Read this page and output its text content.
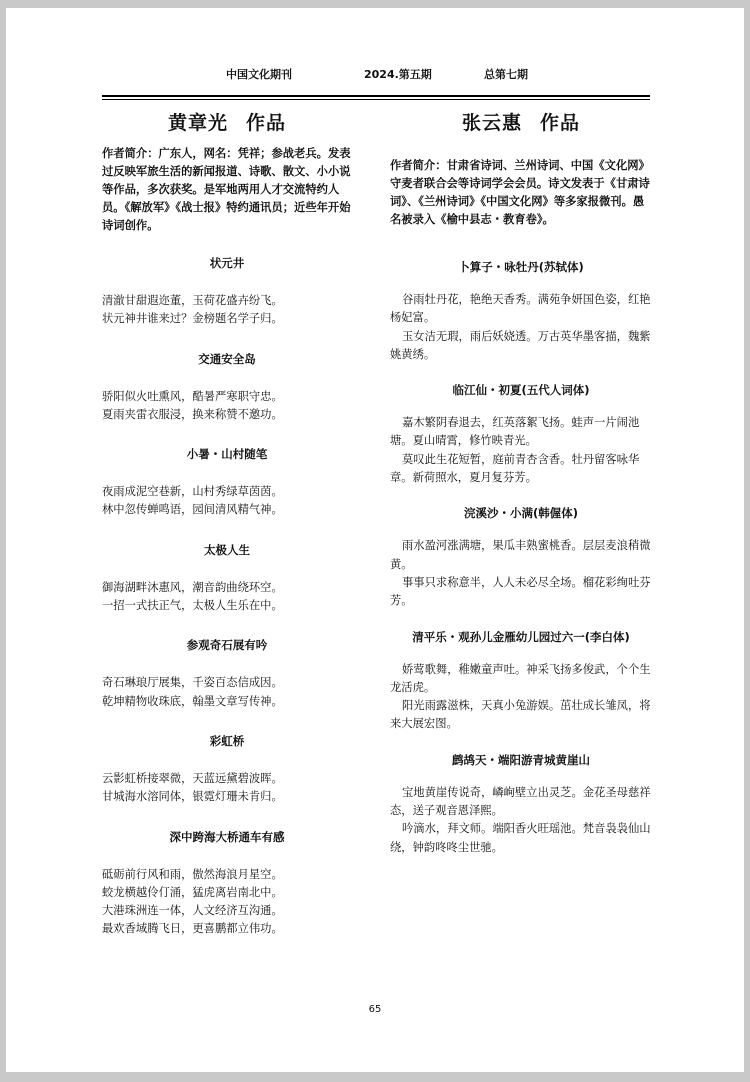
中国文化期刊	2024.第五期	总第七期
黄章光 作品

作者简介：广东人，网名：凭祥；参战老兵。发表过反映军旅生活的新闻报道、诗歌、散文、小小说等作品，多次获奖。是军地两用人才交流特约人员。《解放军》《战士报》特约通讯员；近些年开始诗词创作。

状元井

清澈甘甜遐迩董，玉荷花盛卉纷飞。

状元神井谁来过？金榜题名学子归。

交通安全岛

骄阳似火吐熏风，酷暑严寒职守忠。

夏雨夹雷衣服浸，换来称赞不邀功。

小暑・山村随笔

夜雨成泥空巷新，山村秀绿草茵茵。

林中忽传蝉鸣语，园间清风精气神。

太极人生

御海湖畔沐惠风，潮音韵曲绕环空。

一招一式扶正气，太极人生乐在中。

参观奇石展有吟

奇石琳琅厅展集，千姿百态信成因。

乾坤精物收珠底，翰墨文章写传神。

彩虹桥

云影虹桥接翠微，天蓝远黛碧波晖。

甘城海水溶同体，银霓灯珊未肯归。

深中跨海大桥通车有感

砥砺前行风和雨，傲然海浪月星空。

蛟龙横越伶仃涌，猛虎离岩南北中。

大港珠洲连一体，人文经济互沟通。

最欢香域腾飞日，更喜鹏都立伟功。

张云惠 作品

作者简介：甘肃省诗词、兰州诗词、中国《文化网》守麦者联合会等诗词学会会员。诗文发表于《甘肃诗词》、《兰州诗词》《中国文化网》等多家报微刊。愚名被录入《榆中县志・教育卷》。

卜算子・咏牡丹(苏轼体)

谷雨牡丹花，艳绝天香秀。满苑争妍国色姿，红艳杨妃富。

玉女洁无瑕，雨后妖娆透。万古英华墨客描，魏紫姚黄绣。

临江仙・初夏(五代人词体)

嘉木繁阴春退去，红英落絮飞扬。蛙声一片闹池塘。夏山晴霄，修竹映青光。

莫叹此生花短暂，庭前青杏含香。牡丹留客咏华章。新荷照水，夏月复芬芳。

浣溪沙・小满(韩偓体)

雨水盈河涨满塘，果瓜丰熟蜜桃香。层层麦浪稍微黄。

事事只求称意半，人人未必尽全场。榴花彩绚吐芬芳。

清平乐・观孙儿金雁幼儿园过六一(李白体)

娇莺歌舞，稚嫩童声吐。神采飞扬多俊武，个个生龙活虎。

阳光雨露滋株，天真小兔游娱。茁壮成长雏凤，将来大展宏图。

鹧鸪天・端阳游青城黄崖山

宝地黄崖传说奇，嶙峋壁立出灵芝。金花圣母慈祥态，送子观音恩泽熙。

吟滴水，拜文师。端阳香火旺瑶池。梵音袅袅仙山绕，钟韵咚咚尘世驰。

65
